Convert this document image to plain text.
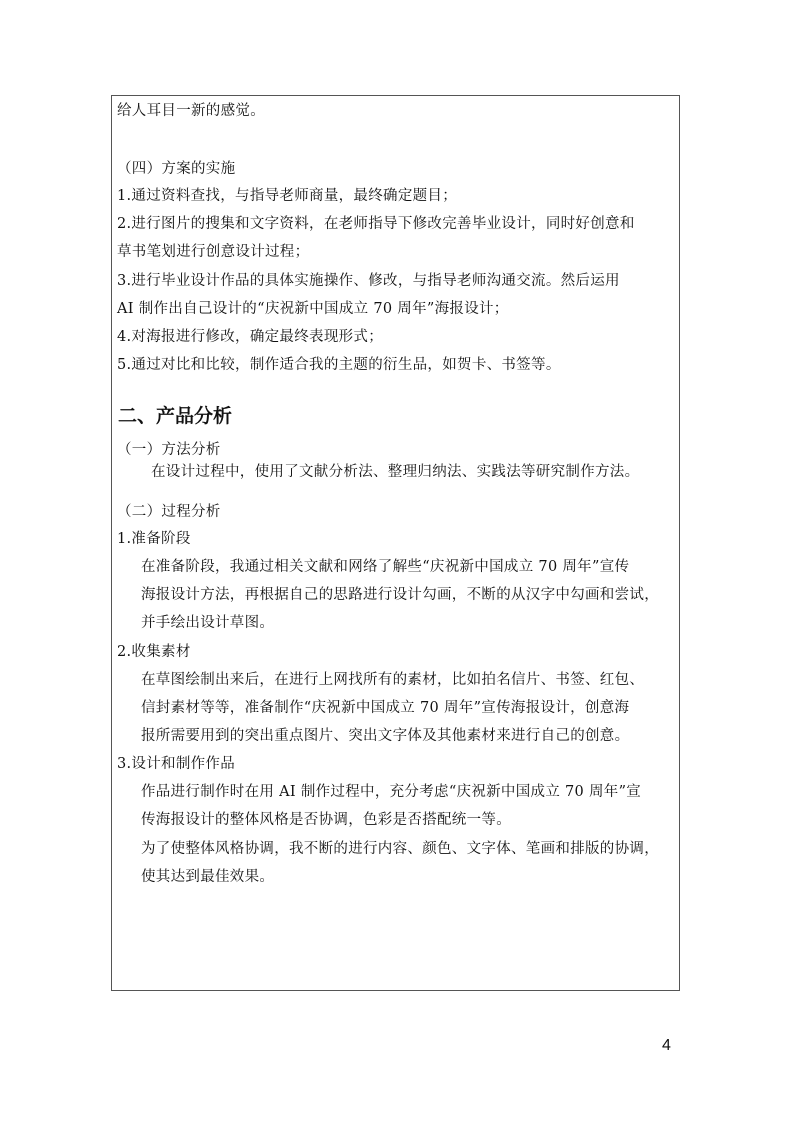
给人耳目一新的感觉。
（四）方案的实施
1.通过资料查找，与指导老师商量，最终确定题目；
2.进行图片的搜集和文字资料，在老师指导下修改完善毕业设计，同时好创意和
草书笔划进行创意设计过程；
3.进行毕业设计作品的具体实施操作、修改，与指导老师沟通交流。然后运用
AI 制作出自己设计的“庆祝新中国成立 70 周年”海报设计；
4.对海报进行修改，确定最终表现形式；
5.通过对比和比较，制作适合我的主题的衍生品，如贺卡、书签等。
二、产品分析
（一）方法分析
在设计过程中，使用了文献分析法、整理归纳法、实践法等研究制作方法。
（二）过程分析
1.准备阶段
在准备阶段，我通过相关文献和网络了解些“庆祝新中国成立 70 周年”宣传
海报设计方法，再根据自己的思路进行设计勾画，不断的从汉字中勾画和尝试，
并手绘出设计草图。
2.收集素材
在草图绘制出来后，在进行上网找所有的素材，比如拍名信片、书签、红包、
信封素材等等，准备制作“庆祝新中国成立 70 周年”宣传海报设计，创意海
报所需要用到的突出重点图片、突出文字体及其他素材来进行自己的创意。
3.设计和制作作品
作品进行制作时在用 AI 制作过程中，充分考虑“庆祝新中国成立 70 周年”宣
传海报设计的整体风格是否协调，色彩是否搭配统一等。
为了使整体风格协调，我不断的进行内容、颜色、文字体、笔画和排版的协调，
使其达到最佳效果。
4
